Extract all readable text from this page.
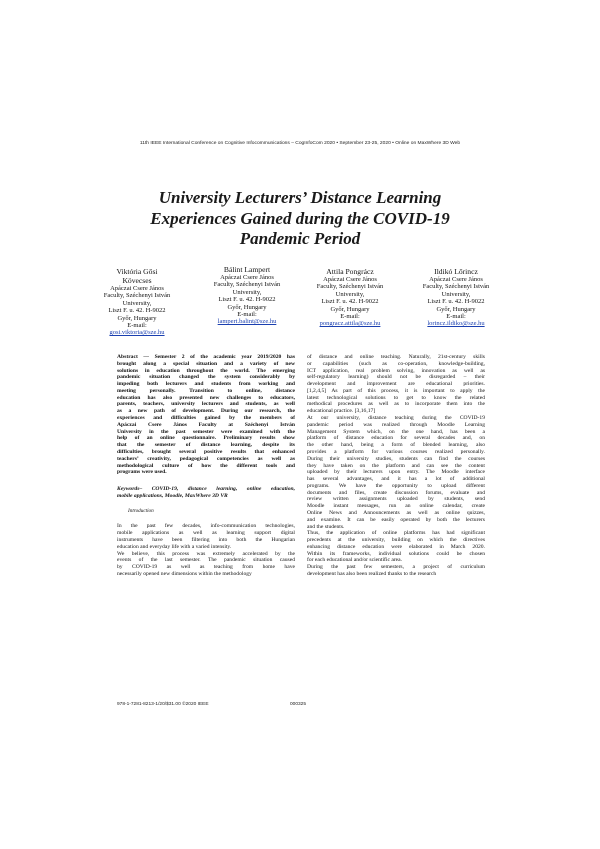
11th IEEE International Conference on Cognitive Infocommunications – CogInfoCom 2020 • September 23-25, 2020 • Online on MaxWhere 3D Web
University Lecturers’ Distance Learning
Experiences Gained during the COVID-19
Pandemic Period
Viktória Gősi
Kövecses
Apáczai Csere János
Faculty, Széchenyi István
University,
Liszt F. u. 42. H-9022
Győr, Hungary
E-mail:
gosi.viktoria@sze.hu
Bálint Lampert
Apáczai Csere János
Faculty, Széchenyi István
University,
Liszt F. u. 42. H-9022
Győr, Hungary
E-mail:
lampert.balint@sze.hu
Attila Pongrácz
Apáczai Csere János
Faculty, Széchenyi István
University,
Liszt F. u. 42. H-9022
Győr, Hungary
E-mail:
pongracz.attila@sze.hu
Ildikó Lőrincz
Apáczai Csere János
Faculty, Széchenyi István
University,
Liszt F. u. 42. H-9022
Győr, Hungary
E-mail:
lorincz.ildiko@sze.hu

Abstract — Semester 2 of the academic year 2019/2020 has
brought along a special situation and a variety of new
solutions in education throughout the world. The emerging
pandemic situation changed the system considerably by
impeding both lecturers and students from working and
meeting personally. Transition to online, distance
education has also presented new challenges to educators,
parents, teachers, university lecturers and students, as well
as a new path of development. During our research, the
experiences and difficulties gained by the members of
Apáczai Csere János Faculty at Széchenyi István
University in the past semester were examined with the
help of an online questionnaire. Preliminary results show
that the semester of distance learning, despite its
difficulties, brought several positive results that enhanced
teachers’ creativity, pedagogical competencies as well as
methodological culture of how the different tools and
programs were used.

Keywords– COVID-19, distance learning, online education,
mobile applications, Moodle, MaxWhere 3D VR

Introduction

In the past few decades, info-communication technologies,
mobile applications as well as learning support digital
instruments have been filtering into both the Hungarian
education and everyday life with a varied intensity.

We believe, this process was extremely accelerated by the
events of the last semester. The pandemic situation caused
by COVID-19 as well as teaching from home have
necessarily opened new dimensions within the methodology

of distance and online teaching. Naturally, 21st-century skills
or capabilities (such as co-operation, knowledge-building,
ICT application, real problem solving, innovation as well as
self-regulatory learning) should not be disregarded – their
development and improvement are educational priorities.
[1,2,4,5] As part of this process, it is important to apply the
latest technological solutions to get to know the related
methodical procedures as well as to incorporate them into the
educational practice. [3,16,17]

At our university, distance teaching during the COVID-19
pandemic period was realized through Moodle Learning
Management System which, on the one hand, has been a
platform of distance education for several decades and, on
the other hand, being a form of blended learning, also
provides a platform for various courses realized personally.
During their university studies, students can find the courses
they have taken on the platform and can see the content
uploaded by their lecturers upon entry. The Moodle interface
has several advantages, and it has a lot of additional
programs. We have the opportunity to upload different
documents and files, create discussion forums, evaluate and
review written assignments uploaded by students, send
Moodle instant messages, run an online calendar, create
Online News and Announcements as well as online quizzes,
and examine. It can be easily operated by both the lecturers
and the students.

Thus, the application of online platforms has had significant
precedents at the university, building on which the directives
enhancing distance education were elaborated in March 2020.
Within its frameworks, individual solutions could be chosen
for each educational and/or scientific area.

During the past few semesters, a project of curriculum
development has also been realized thanks to the research

978-1-7281-8213-1/20/$31.00 ©2020 IEEE	000325
